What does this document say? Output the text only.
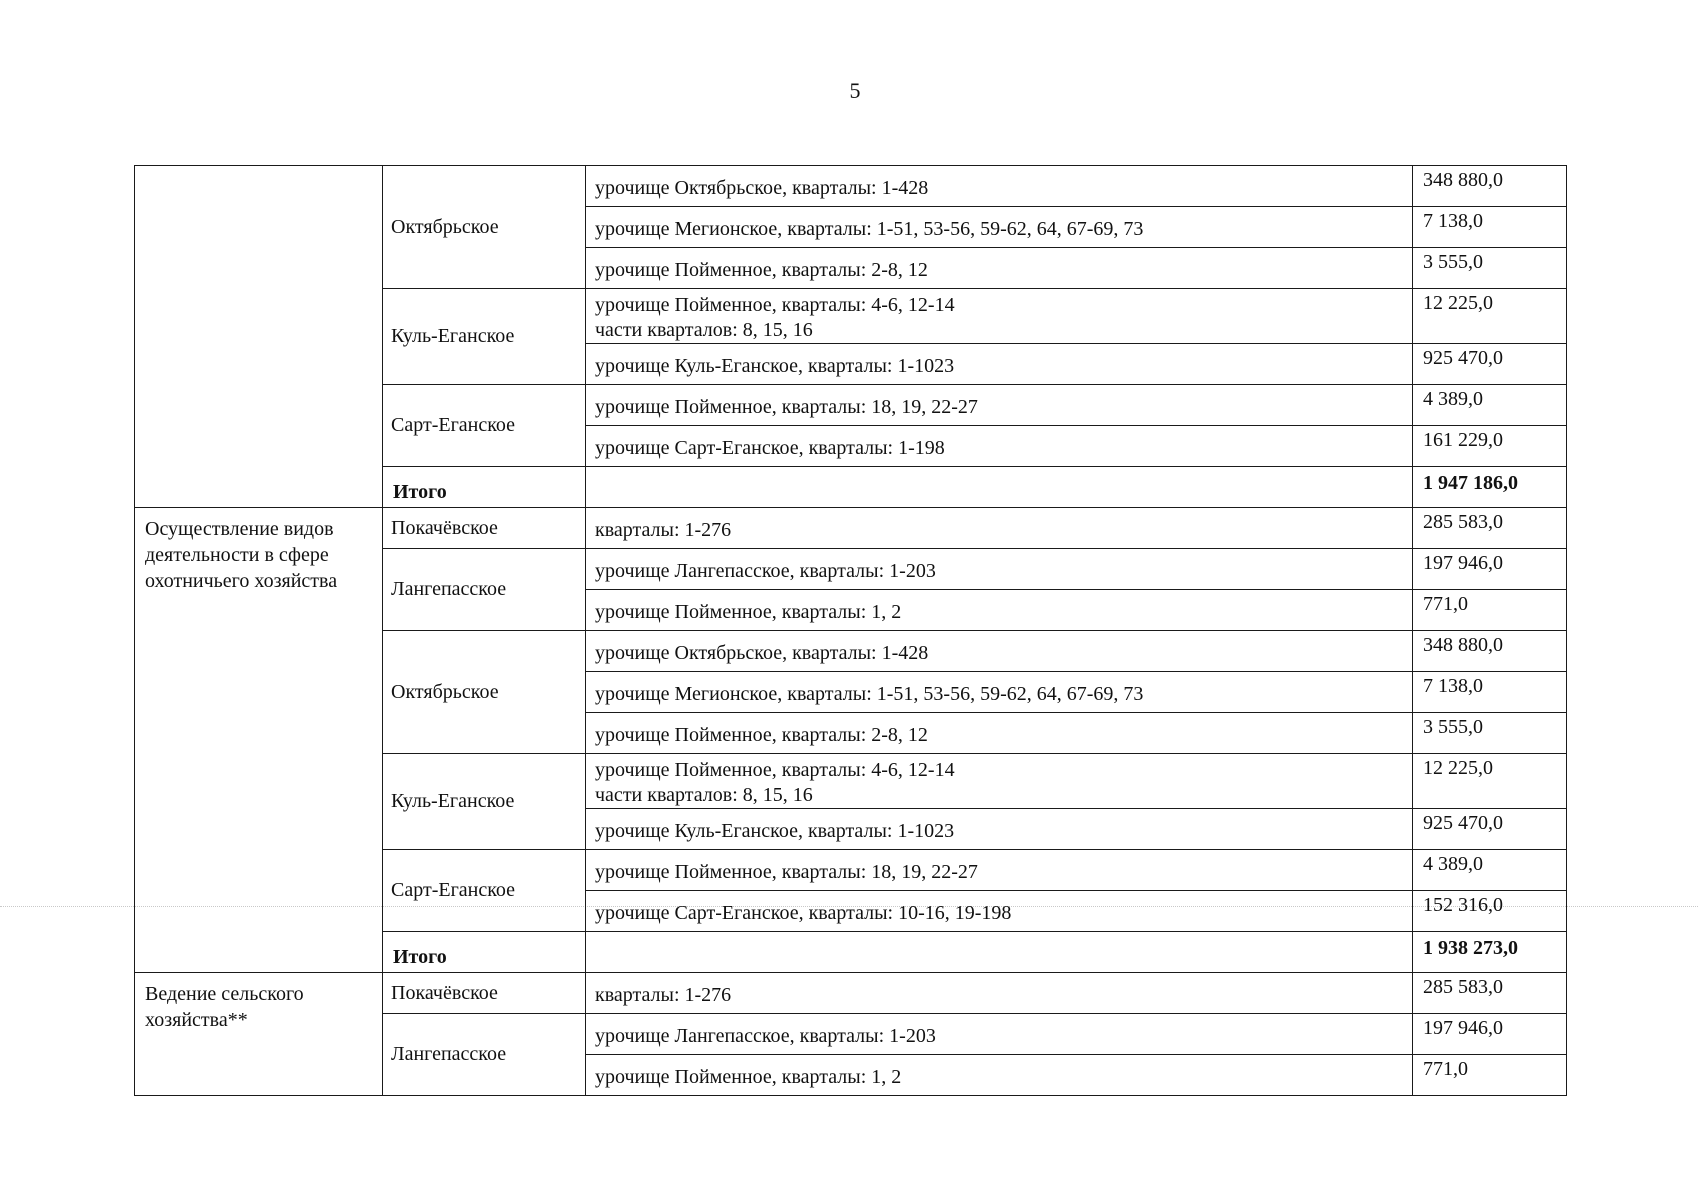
5
	Октябрьское	урочище Октябрьское, кварталы: 1-428	348 880,0

		урочище Мегионское, кварталы: 1-51, 53-56, 59-62, 64, 67-69, 73	7 138,0

		урочище Пойменное, кварталы: 2-8, 12	3 555,0
	Куль-Еганское	урочище Пойменное, кварталы: 4-6, 12-14
части кварталов: 8, 15, 16	12 225,0

		урочище Куль-Еганское, кварталы: 1-1023	925 470,0
	Сарт-Еганское	урочище Пойменное, кварталы: 18, 19, 22-27	4 389,0

		урочище Сарт-Еганское, кварталы: 1-198	161 229,0
	Итого		1 947 186,0
Осуществление видов деятельности в сфере охотничьего хозяйства	Покачёвское	кварталы: 1-276	285 583,0
	Лангепасское	урочище Лангепасское, кварталы: 1-203	197 946,0

		урочище Пойменное, кварталы: 1, 2	771,0
	Октябрьское	урочище Октябрьское, кварталы: 1-428	348 880,0

		урочище Мегионское, кварталы: 1-51, 53-56, 59-62, 64, 67-69, 73	7 138,0

		урочище Пойменное, кварталы: 2-8, 12	3 555,0
	Куль-Еганское	урочище Пойменное, кварталы: 4-6, 12-14
части кварталов: 8, 15, 16	12 225,0

		урочище Куль-Еганское, кварталы: 1-1023	925 470,0
	Сарт-Еганское	урочище Пойменное, кварталы: 18, 19, 22-27	4 389,0

		урочище Сарт-Еганское, кварталы: 10-16, 19-198	152 316,0
	Итого		1 938 273,0
Ведение сельского хозяйства**	Покачёвское	кварталы: 1-276	285 583,0
	Лангепасское	урочище Лангепасское, кварталы: 1-203	197 946,0

		урочище Пойменное, кварталы: 1, 2	771,0
